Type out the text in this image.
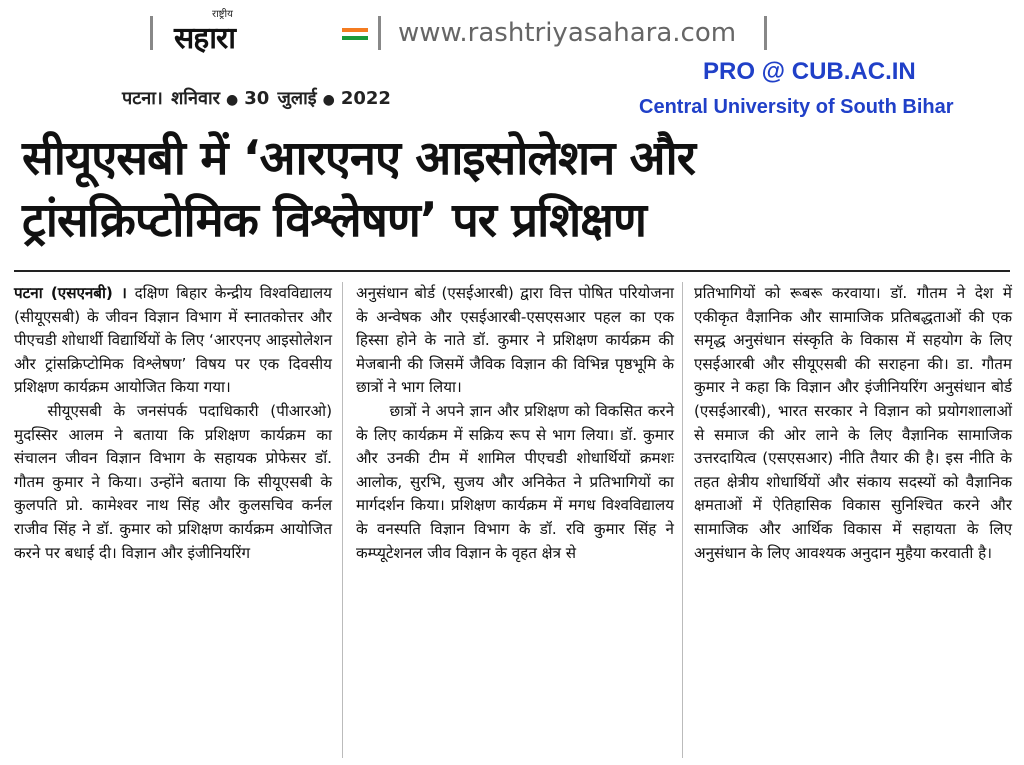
राष्ट्रीय
सहारा	www.rashtriyasahara.com
पटना। शनिवार ● 30 जुलाई ● 2022
PRO @ CUB.AC.IN
Central University of South Bihar
सीयूएसबी में ‘आरएनए आइसोलेशन और
ट्रांसक्रिप्टोमिक विश्लेषण’ पर प्रशिक्षण

पटना (एसएनबी) । दक्षिण बिहार केन्द्रीय विश्वविद्यालय (सीयूएसबी) के जीवन विज्ञान विभाग में स्नातकोत्तर और पीएचडी शोधार्थी विद्यार्थियों के लिए ‘आरएनए आइसोलेशन और ट्रांसक्रिप्टोमिक विश्लेषण’ विषय पर एक दिवसीय प्रशिक्षण कार्यक्रम आयोजित किया गया।

सीयूएसबी के जनसंपर्क पदाधिकारी (पीआरओ) मुदस्सिर आलम ने बताया कि प्रशिक्षण कार्यक्रम का संचालन जीवन विज्ञान विभाग के सहायक प्रोफेसर डॉ. गौतम कुमार ने किया। उन्होंने बताया कि सीयूएसबी के कुलपति प्रो. कामेश्वर नाथ सिंह और कुलसचिव कर्नल राजीव सिंह ने डॉ. कुमार को प्रशिक्षण कार्यक्रम आयोजित करने पर बधाई दी। विज्ञान और इंजीनियरिंग

अनुसंधान बोर्ड (एसईआरबी) द्वारा वित्त पोषित परियोजना के अन्वेषक और एसईआरबी-एसएसआर पहल का एक हिस्सा होने के नाते डॉ. कुमार ने प्रशिक्षण कार्यक्रम की मेजबानी की जिसमें जैविक विज्ञान की विभिन्न पृष्ठभूमि के छात्रों ने भाग लिया।

छात्रों ने अपने ज्ञान और प्रशिक्षण को विकसित करने के लिए कार्यक्रम में सक्रिय रूप से भाग लिया। डॉ. कुमार और उनकी टीम में शामिल पीएचडी शोधार्थियों क्रमशः आलोक, सुरभि, सुजय और अनिकेत ने प्रतिभागियों का मार्गदर्शन किया। प्रशिक्षण कार्यक्रम में मगध विश्वविद्यालय के वनस्पति विज्ञान विभाग के डॉ. रवि कुमार सिंह ने कम्प्यूटेशनल जीव विज्ञान के वृहत क्षेत्र से

प्रतिभागियों को रूबरू करवाया। डॉ. गौतम ने देश में एकीकृत वैज्ञानिक और सामाजिक प्रतिबद्धताओं की एक समृद्ध अनुसंधान संस्कृति के विकास में सहयोग के लिए एसईआरबी और सीयूएसबी की सराहना की। डा. गौतम कुमार ने कहा कि विज्ञान और इंजीनियरिंग अनुसंधान बोर्ड (एसईआरबी), भारत सरकार ने विज्ञान को प्रयोगशालाओं से समाज की ओर लाने के लिए वैज्ञानिक सामाजिक उत्तरदायित्व (एसएसआर) नीति तैयार की है। इस नीति के तहत क्षेत्रीय शोधार्थियों और संकाय सदस्यों को वैज्ञानिक क्षमताओं में ऐतिहासिक विकास सुनिश्चित करने और सामाजिक और आर्थिक विकास में सहायता के लिए अनुसंधान के लिए आवश्यक अनुदान मुहैया करवाती है।
